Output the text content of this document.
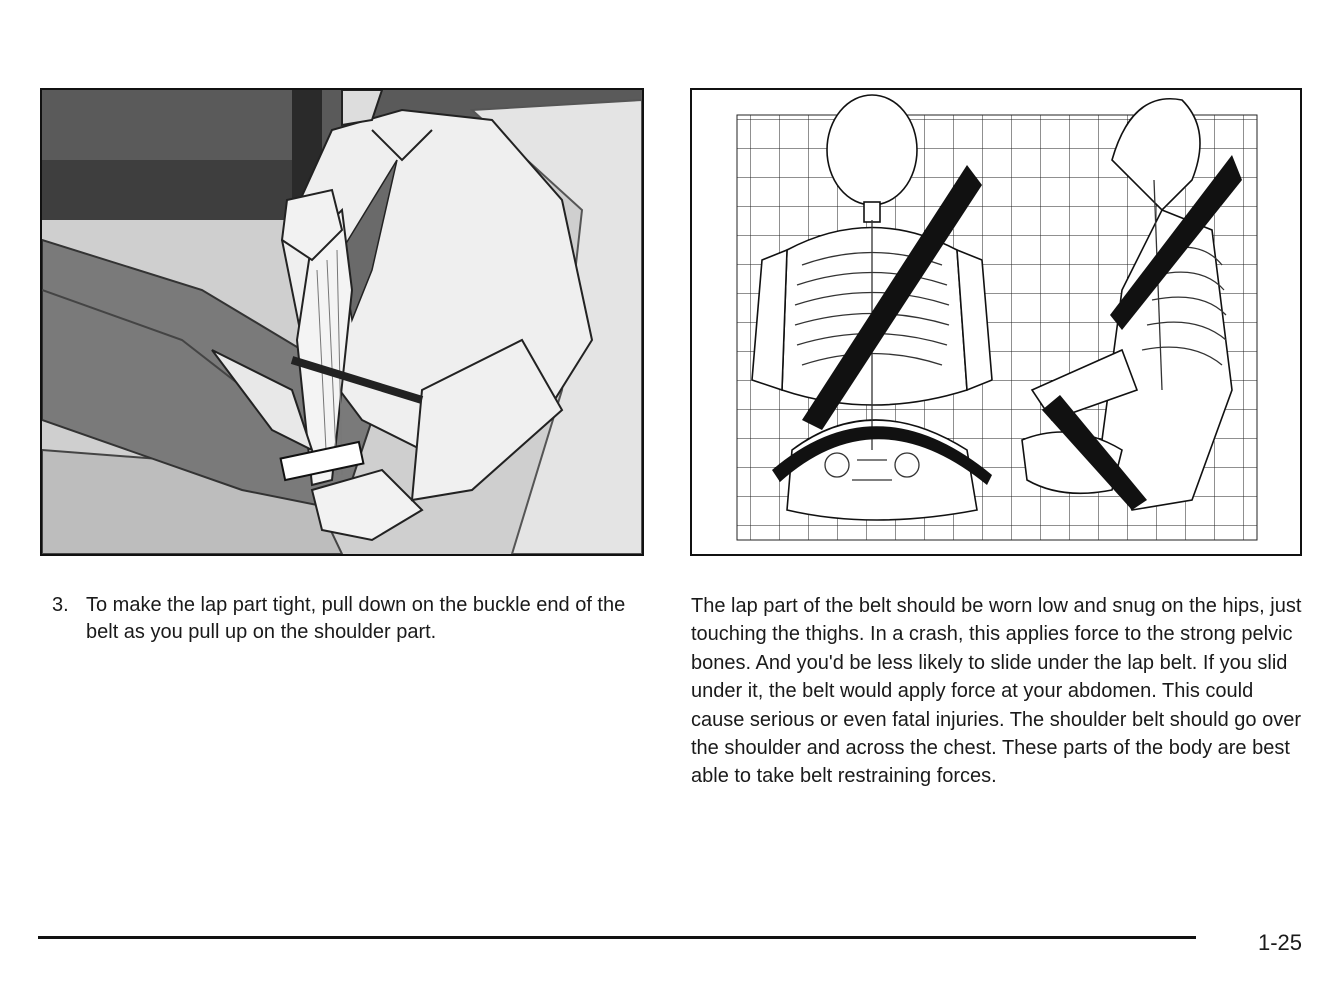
3. To make the lap part tight, pull down on the buckle end of the belt as you pull up on the shoulder part.

The lap part of the belt should be worn low and snug on the hips, just touching the thighs. In a crash, this applies force to the strong pelvic bones. And you'd be less likely to slide under the lap belt. If you slid under it, the belt would apply force at your abdomen. This could cause serious or even fatal injuries. The shoulder belt should go over the shoulder and across the chest. These parts of the body are best able to take belt restraining forces.

1-25
